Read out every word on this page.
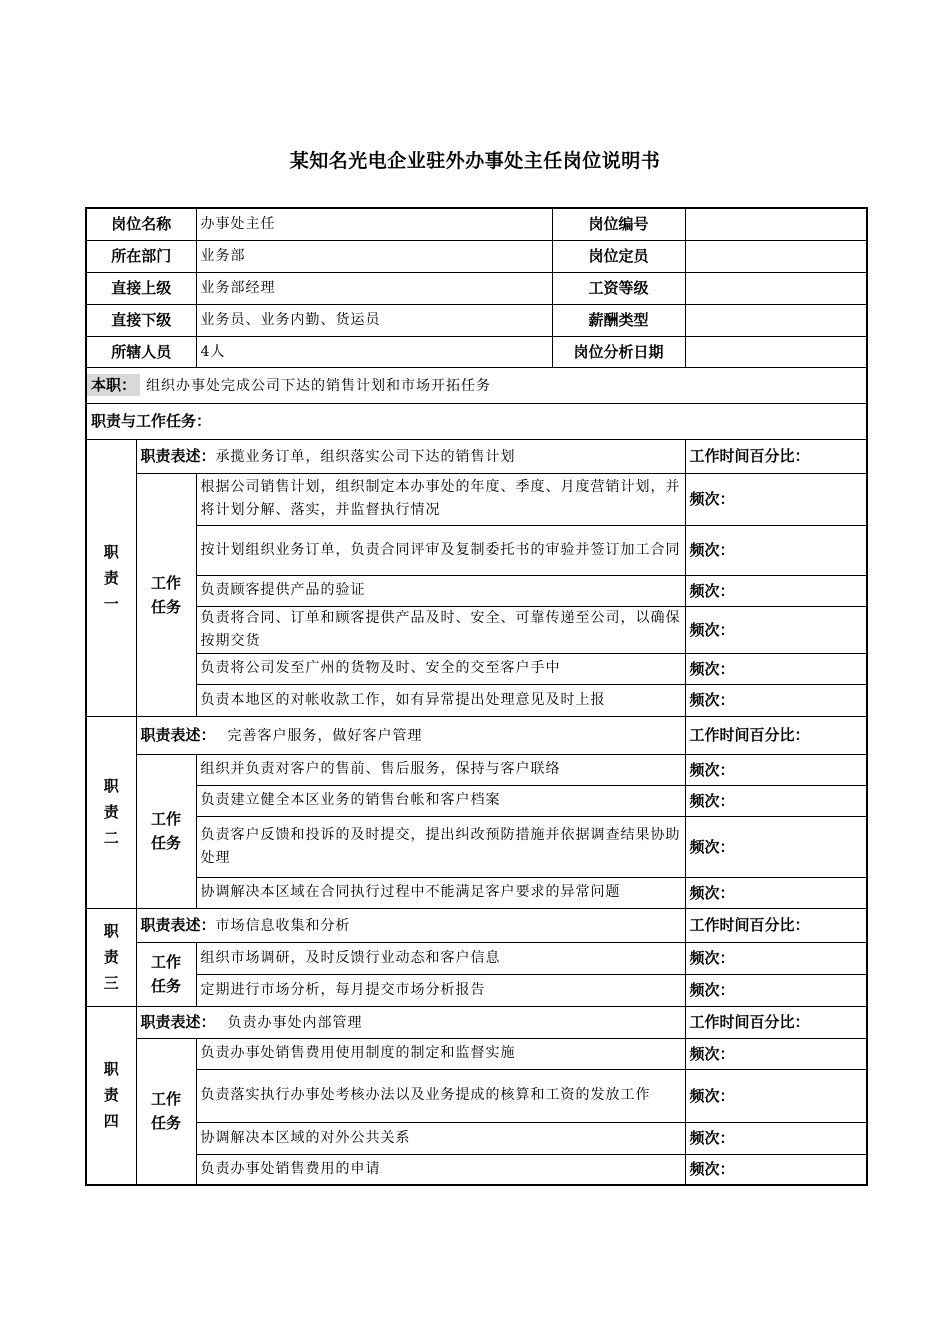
某知名光电企业驻外办事处主任岗位说明书
岗位名称		办事处主任	岗位编号	
所在部门		业务部	岗位定员	
直接上级		业务部经理	工资等级	
直接下级		业务员、业务内勤、货运员	薪酬类型	
所辖人员		4人	岗位分析日期	
本职： 组织办事处完成公司下达的销售计划和市场开拓任务				
职责与工作任务：				
职
责
一	职责表述：承揽业务订单，组织落实公司下达的销售计划			工作时间百分比：
	工作
任务	根据公司销售计划，组织制定本办事处的年度、季度、月度营销计划，并将计划分解、落实，并监督执行情况		频次：
		按计划组织业务订单，负责合同评审及复制委托书的审验并签订加工合同		频次：
		负责顾客提供产品的验证		频次：
		负责将合同、订单和顾客提供产品及时、安全、可靠传递至公司，以确保按期交货		频次：
		负责将公司发至广州的货物及时、安全的交至客户手中		频次：
		负责本地区的对帐收款工作，如有异常提出处理意见及时上报		频次：
职
责
二	职责表述： 完善客户服务，做好客户管理			工作时间百分比：
	工作
任务	组织并负责对客户的售前、售后服务，保持与客户联络		频次：
		负责建立健全本区业务的销售台帐和客户档案		频次：
		负责客户反馈和投诉的及时提交，提出纠改预防措施并依据调查结果协助处理		频次：
		协调解决本区域在合同执行过程中不能满足客户要求的异常问题		频次：
职
责
三	职责表述：市场信息收集和分析			工作时间百分比：
	工作
任务	组织市场调研，及时反馈行业动态和客户信息		频次：
		定期进行市场分析，每月提交市场分析报告		频次：
职
责
四	职责表述： 负责办事处内部管理			工作时间百分比：
	工作
任务	负责办事处销售费用使用制度的制定和监督实施		频次：
		负责落实执行办事处考核办法以及业务提成的核算和工资的发放工作		频次：
		协调解决本区域的对外公共关系		频次：
		负责办事处销售费用的申请		频次：
